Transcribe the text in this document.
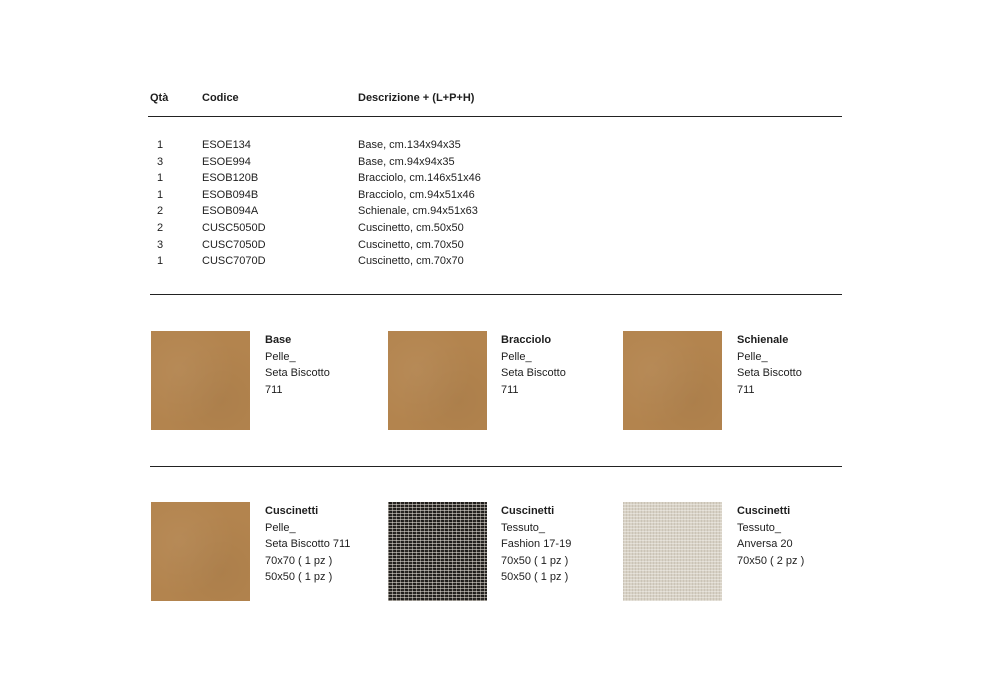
Qtà	Codice	Descrizione + (L+P+H)
1	ESOE134	Base, cm.134x94x35
3	ESOE994	Base, cm.94x94x35
1	ESOB120B	Bracciolo, cm.146x51x46
1	ESOB094B	Bracciolo, cm.94x51x46
2	ESOB094A	Schienale, cm.94x51x63
2	CUSC5050D	Cuscinetto, cm.50x50
3	CUSC7050D	Cuscinetto, cm.70x50
1	CUSC7070D	Cuscinetto, cm.70x70
Base
Pelle_
Seta Biscotto
711
Bracciolo
Pelle_
Seta Biscotto
711
Schienale
Pelle_
Seta Biscotto
711
Cuscinetti
Pelle_
Seta Biscotto 711
70x70 ( 1 pz )
50x50 ( 1 pz )
Cuscinetti
Tessuto_
Fashion 17-19
70x50 ( 1 pz )
50x50 ( 1 pz )
Cuscinetti
Tessuto_
Anversa 20
70x50 ( 2 pz )
